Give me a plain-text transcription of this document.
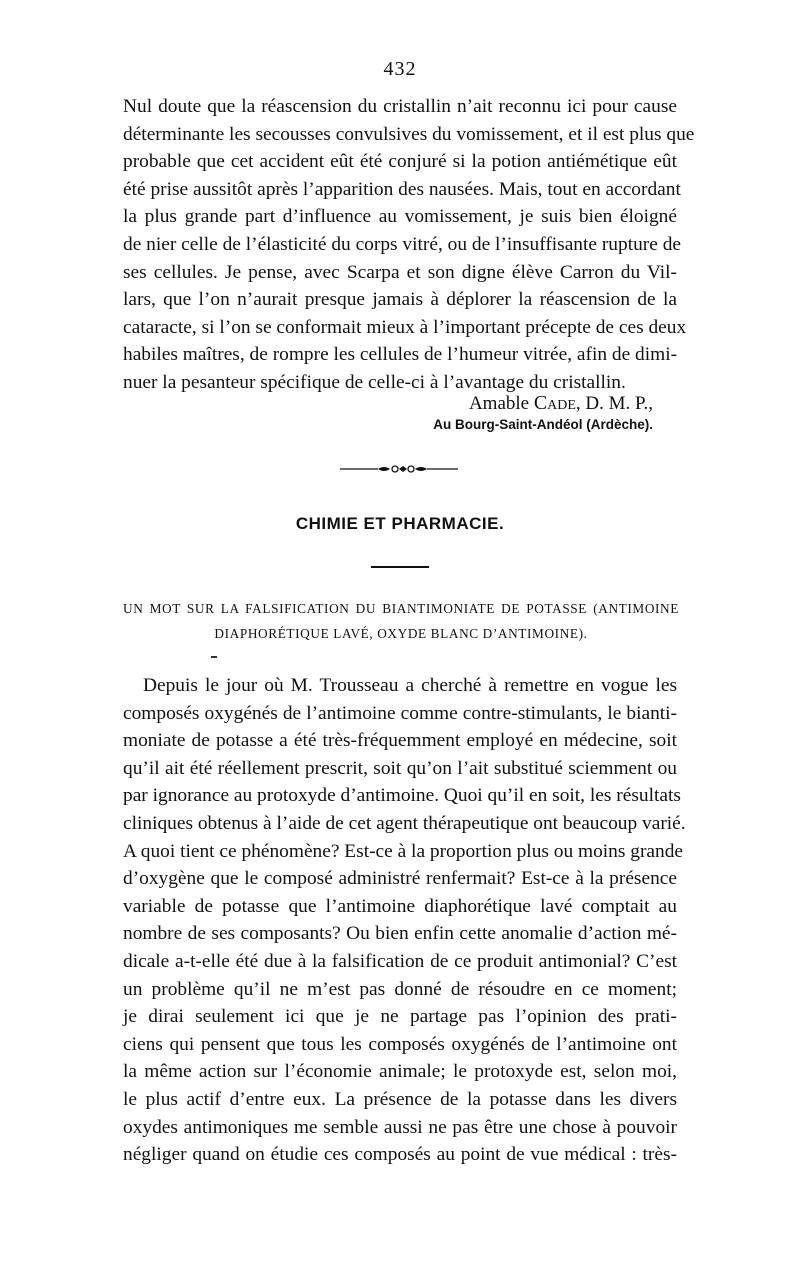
432
Nul doute que la réascension du cristallin n’ait reconnu ici pour cause
déterminante les secousses convulsives du vomissement, et il est plus que
probable que cet accident eût été conjuré si la potion antiémétique eût
été prise aussitôt après l’apparition des nausées. Mais, tout en accordant
la plus grande part d’influence au vomissement, je suis bien éloigné
de nier celle de l’élasticité du corps vitré, ou de l’insuffisante rupture de
ses cellules. Je pense, avec Scarpa et son digne élève Carron du Vil-
lars, que l’on n’aurait presque jamais à déplorer la réascension de la
cataracte, si l’on se conformait mieux à l’important précepte de ces deux
habiles maîtres, de rompre les cellules de l’humeur vitrée, afin de dimi-
nuer la pesanteur spécifique de celle-ci à l’avantage du cristallin.
Amable Cade, D. M. P.,
Au Bourg-Saint-Andéol (Ardèche).
CHIMIE ET PHARMACIE.
UN MOT SUR LA FALSIFICATION DU BIANTIMONIATE DE POTASSE (ANTIMOINE
DIAPHORÉTIQUE LAVÉ, OXYDE BLANC D’ANTIMOINE).
Depuis le jour où M. Trousseau a cherché à remettre en vogue les
composés oxygénés de l’antimoine comme contre-stimulants, le bianti-
moniate de potasse a été très-fréquemment employé en médecine, soit
qu’il ait été réellement prescrit, soit qu’on l’ait substitué sciemment ou
par ignorance au protoxyde d’antimoine. Quoi qu’il en soit, les résultats
cliniques obtenus à l’aide de cet agent thérapeutique ont beaucoup varié.
A quoi tient ce phénomène? Est-ce à la proportion plus ou moins grande
d’oxygène que le composé administré renfermait? Est-ce à la présence
variable de potasse que l’antimoine diaphorétique lavé comptait au
nombre de ses composants? Ou bien enfin cette anomalie d’action mé-
dicale a-t-elle été due à la falsification de ce produit antimonial? C’est
un problème qu’il ne m’est pas donné de résoudre en ce moment;
je dirai seulement ici que je ne partage pas l’opinion des prati-
ciens qui pensent que tous les composés oxygénés de l’antimoine ont
la même action sur l’économie animale; le protoxyde est, selon moi,
le plus actif d’entre eux. La présence de la potasse dans les divers
oxydes antimoniques me semble aussi ne pas être une chose à pouvoir
négliger quand on étudie ces composés au point de vue médical : très-
